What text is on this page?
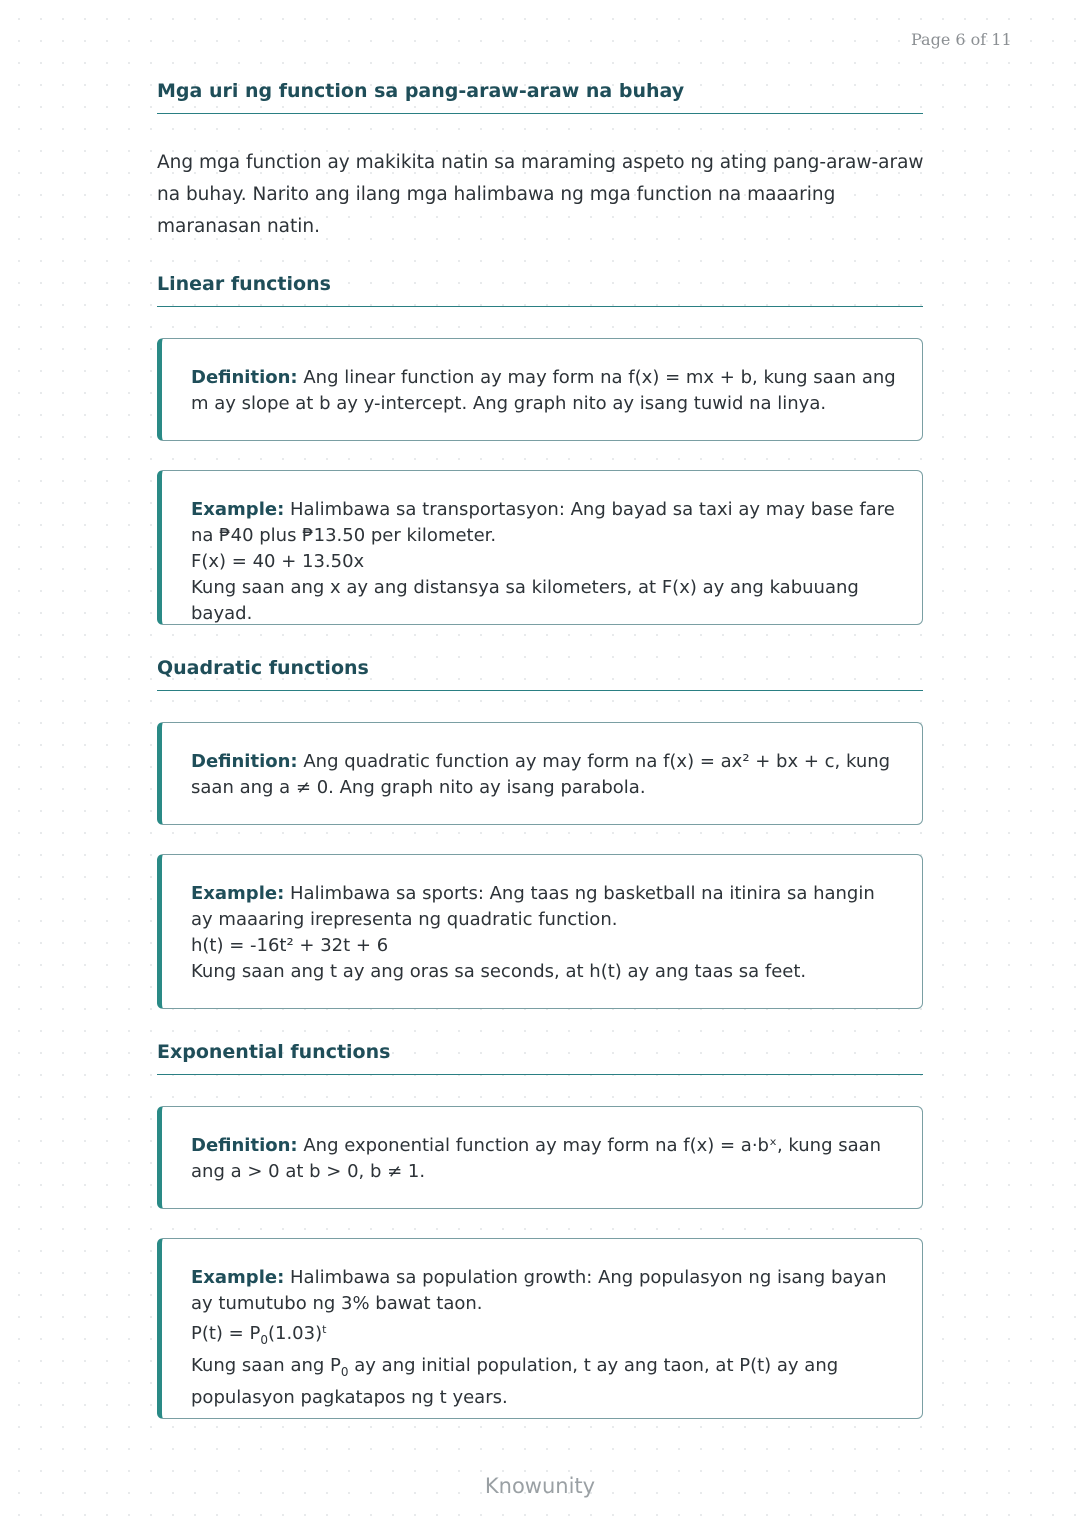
Page 6 of 11
Mga uri ng function sa pang-araw-araw na buhay
Ang mga function ay makikita natin sa maraming aspeto ng ating pang-araw-araw na buhay. Narito ang ilang mga halimbawa ng mga function na maaaring maranasan natin.
Linear functions
Definition: Ang linear function ay may form na f(x) = mx + b, kung saan ang m ay slope at b ay y-intercept. Ang graph nito ay isang tuwid na linya.
Example: Halimbawa sa transportasyon: Ang bayad sa taxi ay may base fare na ₱40 plus ₱13.50 per kilometer.
F(x) = 40 + 13.50x
Kung saan ang x ay ang distansya sa kilometers, at F(x) ay ang kabuuang bayad.
Quadratic functions
Definition: Ang quadratic function ay may form na f(x) = ax² + bx + c, kung saan ang a ≠ 0. Ang graph nito ay isang parabola.
Example: Halimbawa sa sports: Ang taas ng basketball na itinira sa hangin ay maaaring irepresenta ng quadratic function.
h(t) = -16t² + 32t + 6
Kung saan ang t ay ang oras sa seconds, at h(t) ay ang taas sa feet.
Exponential functions
Definition: Ang exponential function ay may form na f(x) = a·bˣ, kung saan ang a > 0 at b > 0, b ≠ 1.
Example: Halimbawa sa population growth: Ang populasyon ng isang bayan ay tumutubo ng 3% bawat taon.
$P(t) = P_0(1.03)^t$
Kung saan ang $P_0$ ay ang initial population, t ay ang taon, at P(t) ay ang populasyon pagkatapos ng t years.
Knowunity
